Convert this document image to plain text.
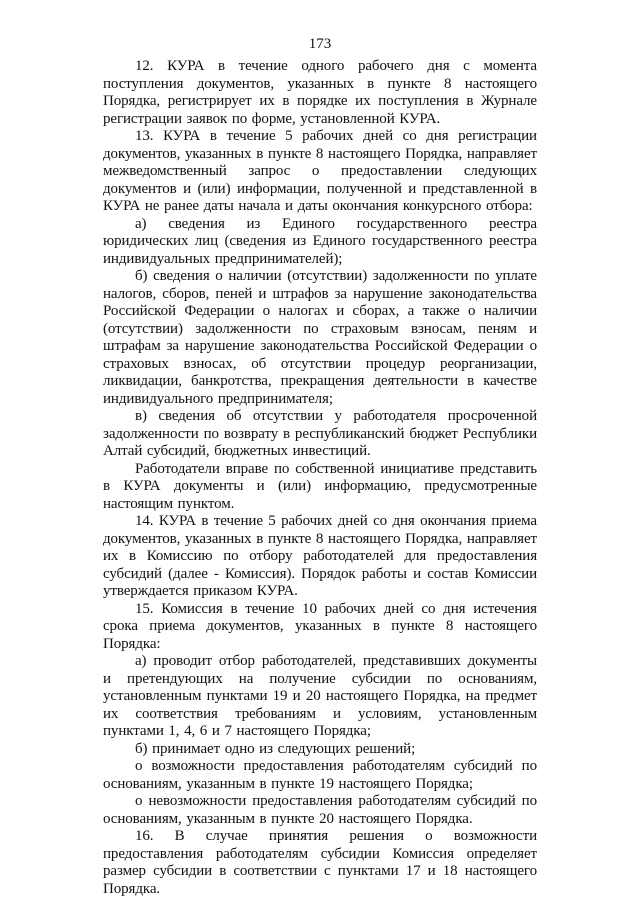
173

12. КУРА в течение одного рабочего дня с момента поступления документов, указанных в пункте 8 настоящего Порядка, регистрирует их в порядке их поступления в Журнале регистрации заявок по форме, установленной КУРА.

13. КУРА в течение 5 рабочих дней со дня регистрации документов, указанных в пункте 8 настоящего Порядка, направляет межведомственный запрос о предоставлении следующих документов и (или) информации, полученной и представленной в КУРА не ранее даты начала и даты окончания конкурсного отбора:

а) сведения из Единого государственного реестра юридических лиц (сведения из Единого государственного реестра индивидуальных предпринимателей);

б) сведения о наличии (отсутствии) задолженности по уплате налогов, сборов, пеней и штрафов за нарушение законодательства Российской Федерации о налогах и сборах, а также о наличии (отсутствии) задолженности по страховым взносам, пеням и штрафам за нарушение законодательства Российской Федерации о страховых взносах, об отсутствии процедур реорганизации, ликвидации, банкротства, прекращения деятельности в качестве индивидуального предпринимателя;

в) сведения об отсутствии у работодателя просроченной задолженности по возврату в республиканский бюджет Республики Алтай субсидий, бюджетных инвестиций.

Работодатели вправе по собственной инициативе представить в КУРА документы и (или) информацию, предусмотренные настоящим пунктом.

14. КУРА в течение 5 рабочих дней со дня окончания приема документов, указанных в пункте 8 настоящего Порядка, направляет их в Комиссию по отбору работодателей для предоставления субсидий (далее - Комиссия). Порядок работы и состав Комиссии утверждается приказом КУРА.

15. Комиссия в течение 10 рабочих дней со дня истечения срока приема документов, указанных в пункте 8 настоящего Порядка:

а) проводит отбор работодателей, представивших документы и претендующих на получение субсидии по основаниям, установленным пунктами 19 и 20 настоящего Порядка, на предмет их соответствия требованиям и условиям, установленным пунктами 1, 4, 6 и 7 настоящего Порядка;

б) принимает одно из следующих решений;

о возможности предоставления работодателям субсидий по основаниям, указанным в пункте 19 настоящего Порядка;

о невозможности предоставления работодателям субсидий по основаниям, указанным в пункте 20 настоящего Порядка.

16. В случае принятия решения о возможности предоставления работодателям субсидии Комиссия определяет размер субсидии в соответствии с пунктами 17 и 18 настоящего Порядка.
